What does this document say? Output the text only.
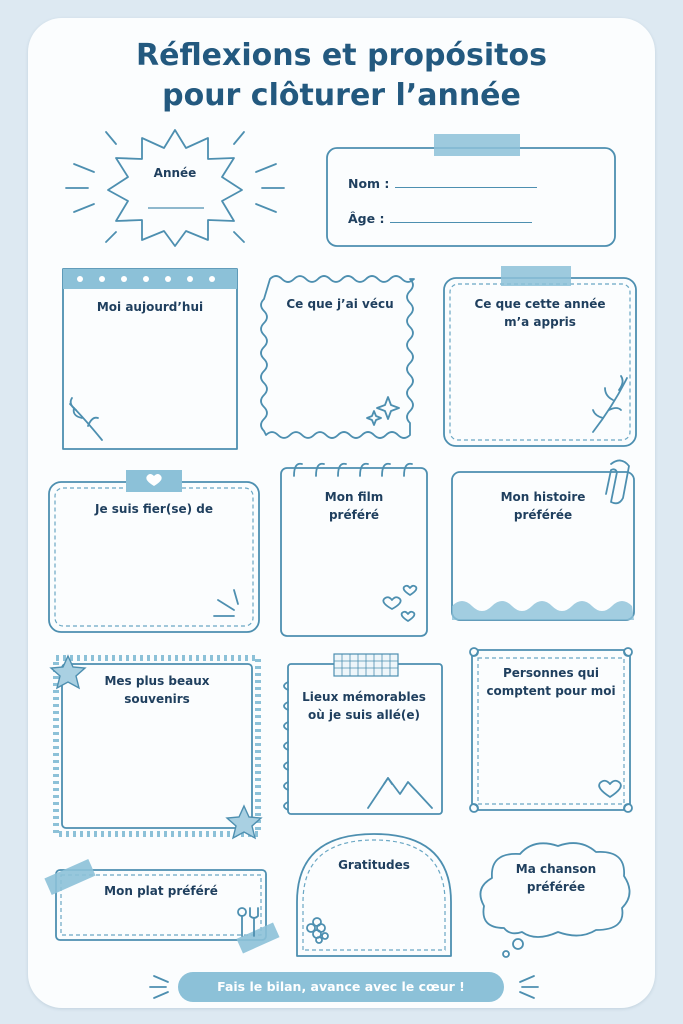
Réflexions et propósitos
pour clôturer l’année
Année
Nom :
Âge :
Moi aujourd’hui	Ce que j’ai vécu	Ce que cette année
m’a appris
Je suis fier(se) de
Mon film
préféré
Mon histoire
préférée
Mes plus beaux
souvenirs	Lieux mémorables
où je suis allé(e)
Personnes qui
comptent pour moi
Mon plat préféré
Gratitudes	Ma chanson
préférée
Fais le bilan, avance avec le cœur !
